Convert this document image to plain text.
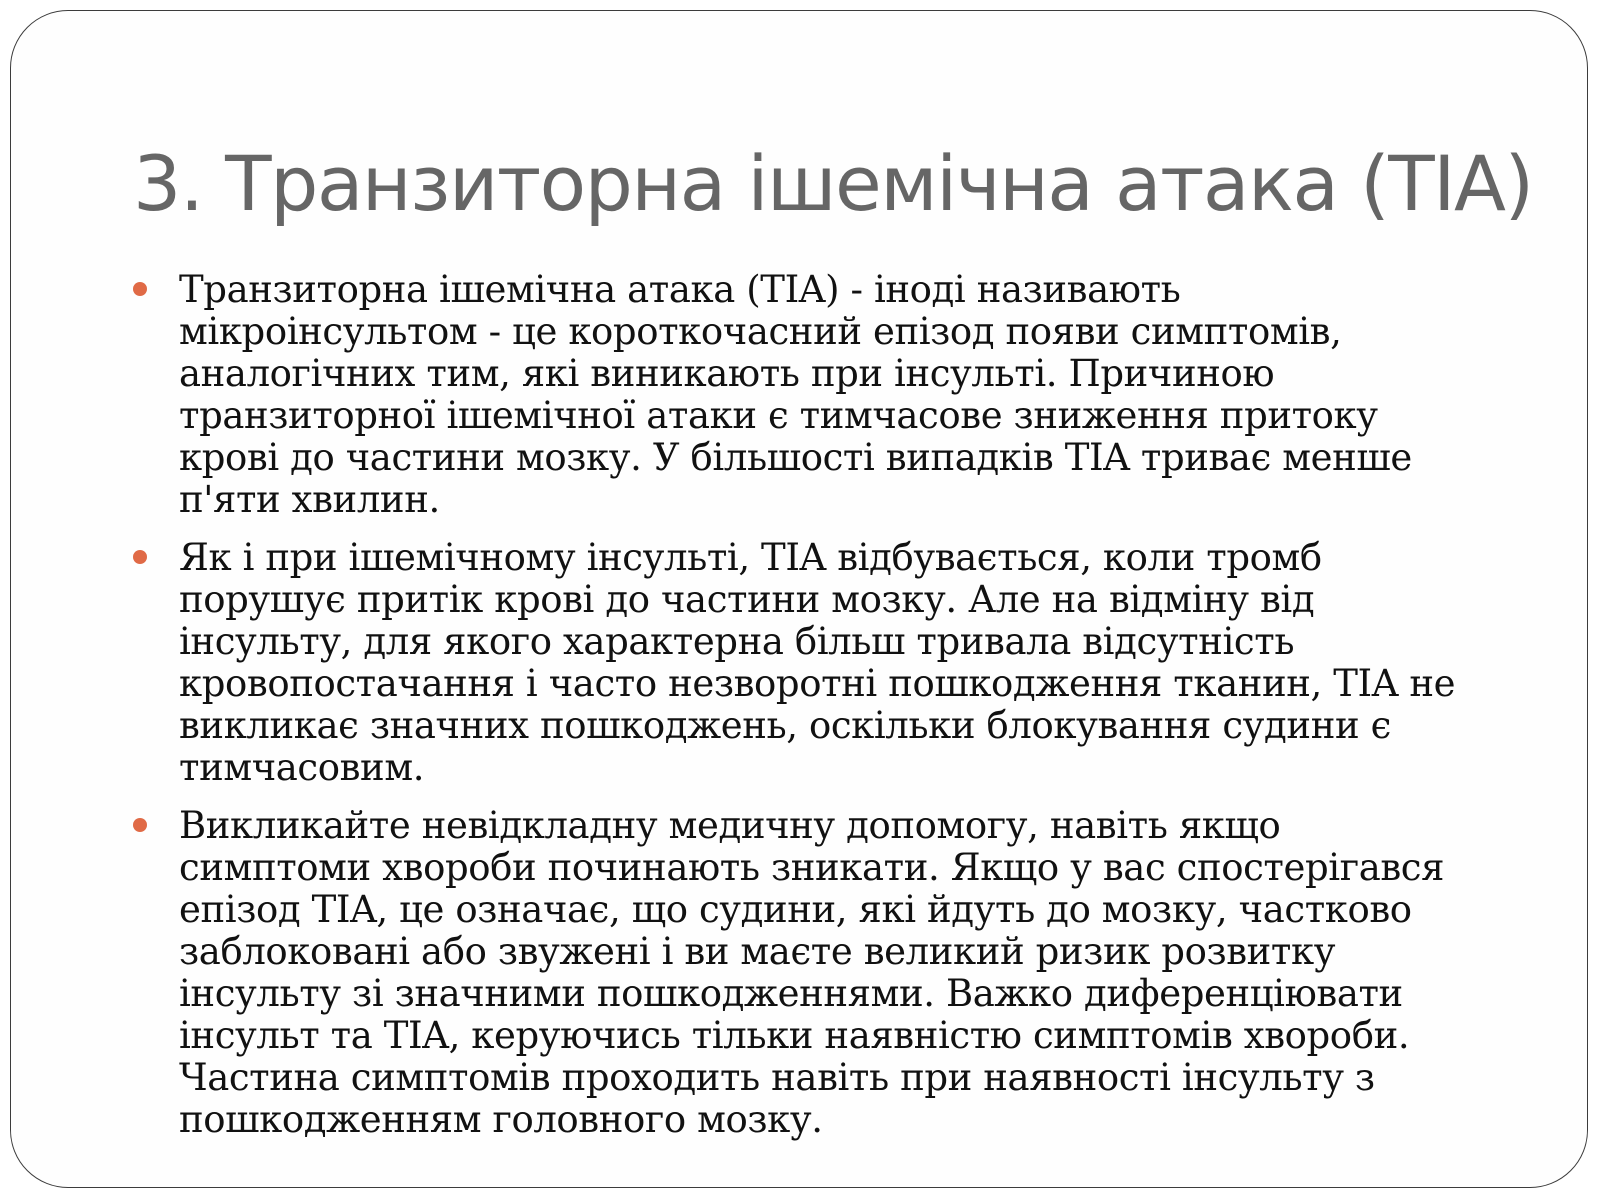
3. Транзиторна ішемічна атака (TIA)
Транзиторна ішемічна атака (TIA) - іноді називають
мікроінсультом - це короткочасний епізод появи симптомів,
аналогічних тим, які виникають при інсульті. Причиною
транзиторної ішемічної атаки є тимчасове зниження притоку
крові до частини мозку. У більшості випадків TIA триває менше
п'яти хвилин.
Як і при ішемічному інсульті, TIA відбувається, коли тромб
порушує притік крові до частини мозку. Але на відміну від
інсульту, для якого характерна більш тривала відсутність
кровопостачання і часто незворотні пошкодження тканин, TIA не
викликає значних пошкоджень, оскільки блокування судини є
тимчасовим.
Викликайте невідкладну медичну допомогу, навіть якщо
симптоми хвороби починають зникати. Якщо у вас спостерігався
епізод TIA, це означає, що судини, які йдуть до мозку, частково
заблоковані або звужені і ви маєте великий ризик розвитку
інсульту зі значними пошкодженнями. Важко диференціювати
інсульт та TIA, керуючись тільки наявністю симптомів хвороби.
Частина симптомів проходить навіть при наявності інсульту з
пошкодженням головного мозку.
